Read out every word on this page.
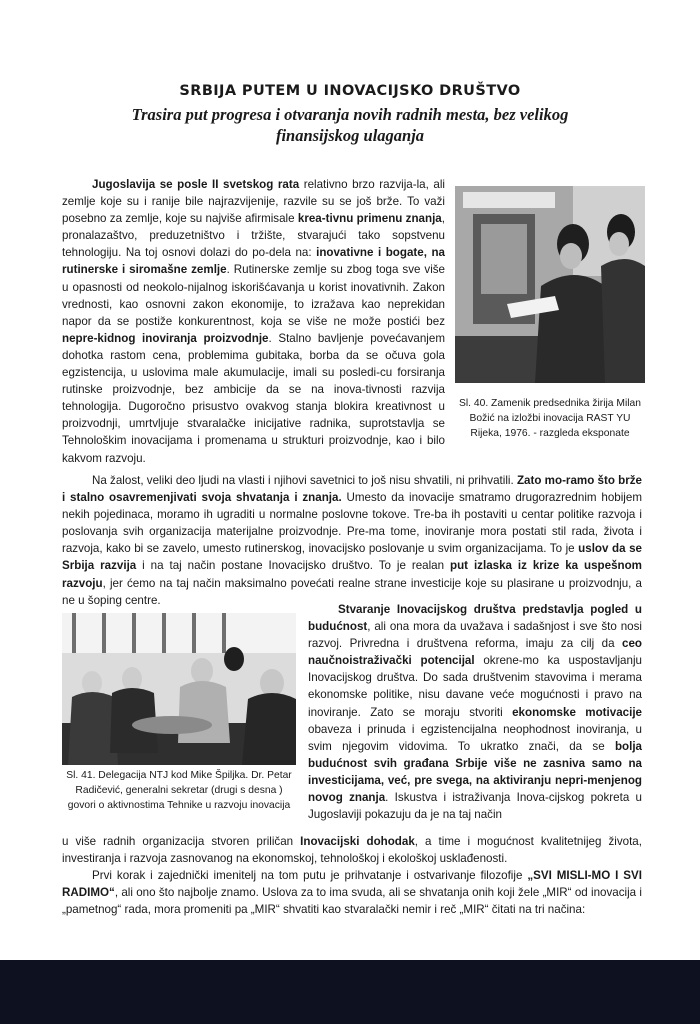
SRBIJA PUTEM U INOVACIJSKO DRUŠTVO
Trasira put progresa i otvaranja novih radnih mesta, bez velikog finansijskog ulaganja
Sl. 40. Zamenik predsednika žirija Milan Božić na izložbi inovacija RAST YU Rijeka, 1976. - razgleda eksponate
Jugoslavija se posle II svetskog rata relativno brzo razvija-la, ali zemlje koje su i ranije bile najrazvijenije, razvile su se još brže. To važi posebno za zemlje, koje su najviše afirmisale krea-tivnu primenu znanja, pronalazaštvo, preduzetništvo i tržište, stvarajući tako sopstvenu tehnologiju. Na toj osnovi dolazi do po-dela na: inovativne i bogate, na rutinerske i siromašne zemlje. Rutinerske zemlje su zbog toga sve više u opasnosti od neokolo-nijalnog iskorišćavanja u korist inovativnih. Zakon vrednosti, kao osnovni zakon ekonomije, to izražava kao neprekidan napor da se postiže konkurentnost, koja se više ne može postići bez nepre-kidnog inoviranja proizvodnje. Stalno bavljenje povećavanjem dohotka rastom cena, problemima gubitaka, borba da se očuva gola egzistencija, u uslovima male akumulacije, imali su posledi-cu forsiranja rutinske proizvodnje, bez ambicije da se na inova-tivnosti razvija tehnologija. Dugoročno prisustvo ovakvog stanja blokira kreativnost u proizvodnji, umrtvljuje stvaralačke inicijative radnika, suprotstavlja se Tehnološkim inovacijama i promenama u strukturi proizvodnje, kao i bilo kakvom razvoju.
Na žalost, veliki deo ljudi na vlasti i njihovi savetnici to još nisu shvatili, ni prihvatili. Zato mo-ramo što brže i stalno osavremenjivati svoja shvatanja i znanja. Umesto da inovacije smatramo drugorazrednim hobijem nekih pojedinaca, moramo ih ugraditi u normalne poslovne tokove. Tre-ba ih postaviti u centar politike razvoja i poslovanja svih organizacija materijalne proizvodnje. Pre-ma tome, inoviranje mora postati stil rada, života i razvoja, kako bi se zavelo, umesto rutinerskog, inovacijsko poslovanje u svim organizacijama. To je uslov da se Srbija razvija i na taj način postane Inovacijsko društvo. To je realan put izlaska iz krize ka uspešnom razvoju, jer ćemo na taj način maksimalno povećati realne strane investicije koje su plasirane u proizvodnju, a ne u šoping centre.
Sl. 41. Delegacija NTJ kod Mike Špiljka. Dr. Petar Radičević, generalni sekretar (drugi s desna ) govori o aktivnostima Tehnike u razvoju inovacija
Stvaranje Inovacijskog društva predstavlja pogled u budućnost, ali ona mora da uvažava i sadašnjost i sve što nosi razvoj. Privredna i društvena reforma, imaju za cilj da ceo naučnoistraživački potencijal okrene-mo ka uspostavljanju Inovacijskog društva. Do sada društvenim stavovima i merama ekonomske politike, nisu davane veće mogućnosti i pravo na inoviranje. Zato se moraju stvoriti ekonomske motivacije obaveza i prinuda i egzistencijalna neophodnost inoviranja, u svim njegovim vidovima. To ukratko znači, da se bolja budućnost svih građana Srbije više ne zasniva samo na investicijama, već, pre svega, na aktiviranju nepri-menjenog novog znanja. Iskustva i istraživanja Inova-cijskog pokreta u Jugoslaviji pokazuju da je na taj način
u više radnih organizacija stvoren priličan Inovacijski dohodak, a time i mogućnost kvalitetnijeg života, investiranja i razvoja zasnovanog na ekonomskoj, tehnološkoj i ekološkoj usklađenosti.
Prvi korak i zajednički imenitelj na tom putu je prihvatanje i ostvarivanje filozofije „SVI MISLI-MO I SVI RADIMO“, ali ono što najbolje znamo. Uslova za to ima svuda, ali se shvatanja onih koji žele „MIR“ od inovacija i „pametnog“ rada, mora promeniti pa „MIR“ shvatiti kao stvaralački nemir i reč „MIR“ čitati na tri načina:
